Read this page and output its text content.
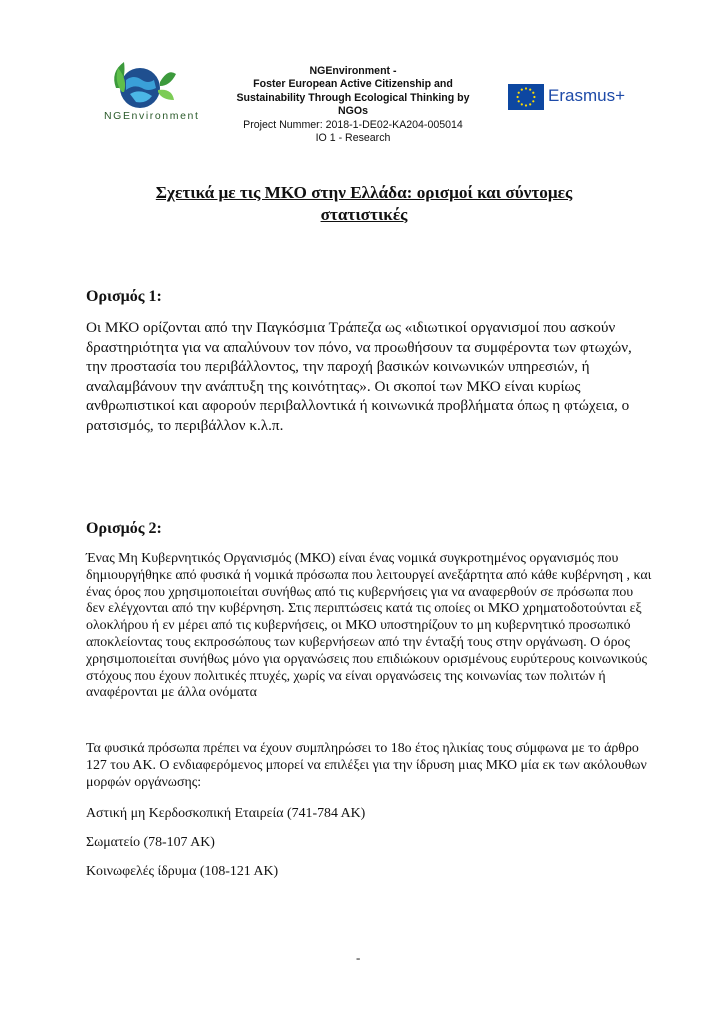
NGEnvironment
NGEnvironment -
Foster European Active Citizenship and
Sustainability Through Ecological Thinking by
NGOs
Project Nummer: 2018-1-DE02-KA204-005014
IO 1 - Research
Erasmus+
Σχετικά με τις ΜΚΟ στην Ελλάδα: ορισμοί και σύντομες
στατιστικές
Ορισμός 1:
Οι ΜΚΟ ορίζονται από την Παγκόσμια Τράπεζα ως «ιδιωτικοί οργανισμοί που ασκούν δραστηριότητα για να απαλύνουν τον πόνο, να προωθήσουν τα συμφέροντα των φτωχών, την προστασία του περιβάλλοντος, την παροχή βασικών κοινωνικών υπηρεσιών, ή αναλαμβάνουν την ανάπτυξη της κοινότητας». Οι σκοποί των ΜΚΟ είναι κυρίως ανθρωπιστικοί και αφορούν περιβαλλοντικά ή κοινωνικά προβλήματα όπως η φτώχεια, ο ρατσισμός, το περιβάλλον κ.λ.π.
Ορισμός 2:
Ένας Μη Κυβερνητικός Οργανισμός (ΜΚΟ) είναι ένας νομικά συγκροτημένος οργανισμός που δημιουργήθηκε από φυσικά ή νομικά πρόσωπα που λειτουργεί ανεξάρτητα από κάθε κυβέρνηση , και ένας όρος που χρησιμοποιείται συνήθως από τις κυβερνήσεις για να αναφερθούν σε πρόσωπα που δεν ελέγχονται από την κυβέρνηση. Στις περιπτώσεις κατά τις οποίες οι ΜΚΟ χρηματοδοτούνται εξ ολοκλήρου ή εν μέρει από τις κυβερνήσεις, οι ΜΚΟ υποστηρίζουν το μη κυβερνητικό προσωπικό αποκλείοντας τους εκπροσώπους των κυβερνήσεων από την ένταξή τους στην οργάνωση. Ο όρος χρησιμοποιείται συνήθως μόνο για οργανώσεις που επιδιώκουν ορισμένους ευρύτερους κοινωνικούς στόχους που έχουν πολιτικές πτυχές, χωρίς να είναι οργανώσεις της κοινωνίας των πολιτών ή αναφέρονται με άλλα ονόματα
Τα φυσικά πρόσωπα πρέπει να έχουν συμπληρώσει το 18ο έτος ηλικίας τους σύμφωνα με το άρθρο 127 του ΑΚ. Ο ενδιαφερόμενος μπορεί να επιλέξει για την ίδρυση μιας ΜΚΟ μία εκ των ακόλουθων μορφών οργάνωσης:
Αστική μη Κερδοσκοπική Εταιρεία (741-784 ΑΚ)
Σωματείο (78-107 ΑΚ)
Κοινωφελές ίδρυμα (108-121 ΑΚ)
-
